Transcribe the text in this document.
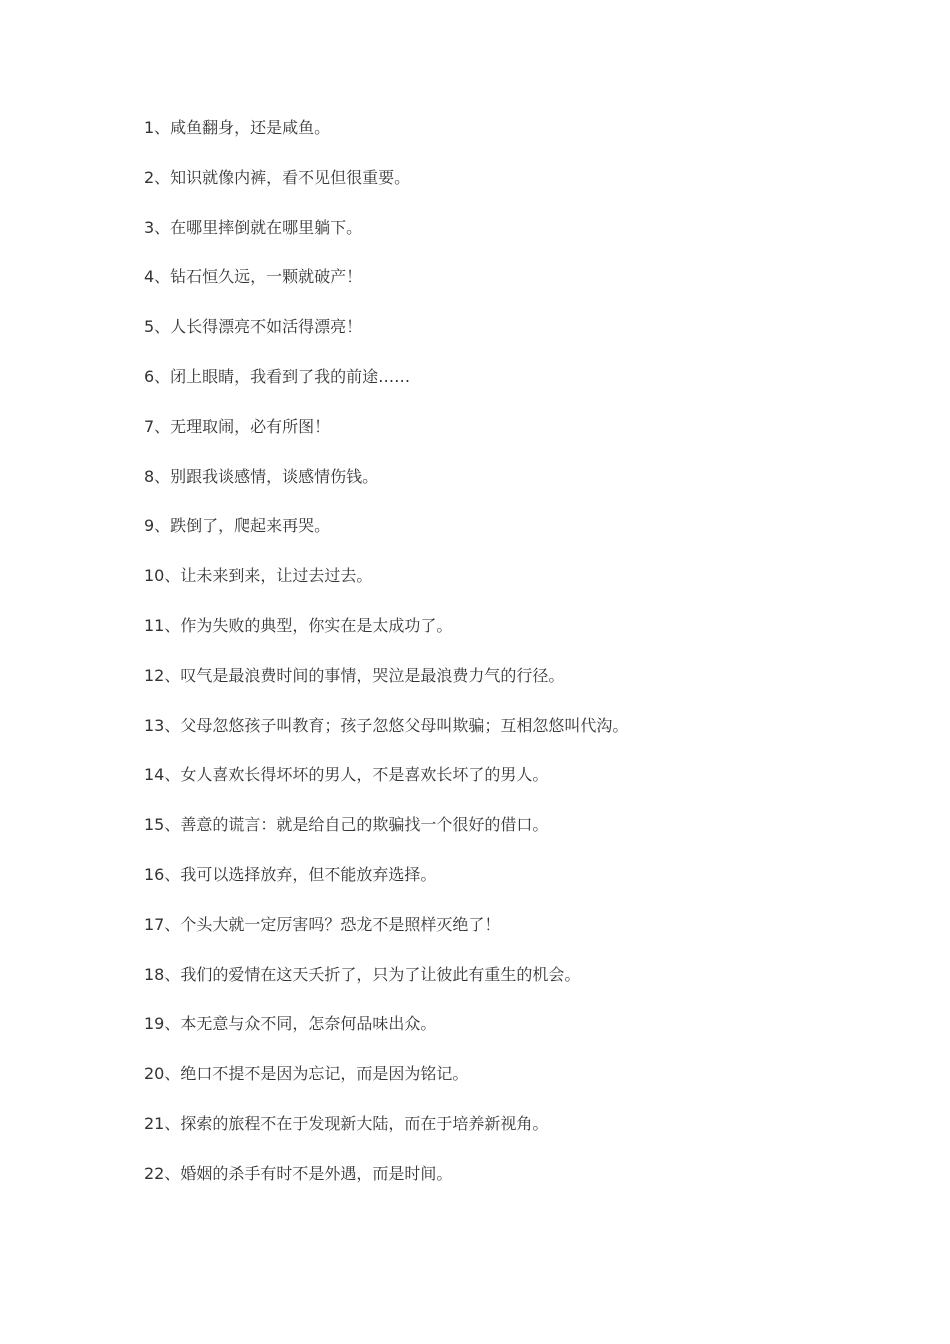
1、咸鱼翻身，还是咸鱼。
2、知识就像内裤，看不见但很重要。
3、在哪里摔倒就在哪里躺下。
4、钻石恒久远，一颗就破产！
5、人长得漂亮不如活得漂亮！
6、闭上眼睛，我看到了我的前途……
7、无理取闹，必有所图！
8、别跟我谈感情，谈感情伤钱。
9、跌倒了，爬起来再哭。
10、让未来到来，让过去过去。
11、作为失败的典型，你实在是太成功了。
12、叹气是最浪费时间的事情，哭泣是最浪费力气的行径。
13、父母忽悠孩子叫教育；孩子忽悠父母叫欺骗；互相忽悠叫代沟。
14、女人喜欢长得坏坏的男人，不是喜欢长坏了的男人。
15、善意的谎言：就是给自己的欺骗找一个很好的借口。
16、我可以选择放弃，但不能放弃选择。
17、个头大就一定厉害吗？恐龙不是照样灭绝了！
18、我们的爱情在这天夭折了，只为了让彼此有重生的机会。
19、本无意与众不同，怎奈何品味出众。
20、绝口不提不是因为忘记，而是因为铭记。
21、探索的旅程不在于发现新大陆，而在于培养新视角。
22、婚姻的杀手有时不是外遇，而是时间。
